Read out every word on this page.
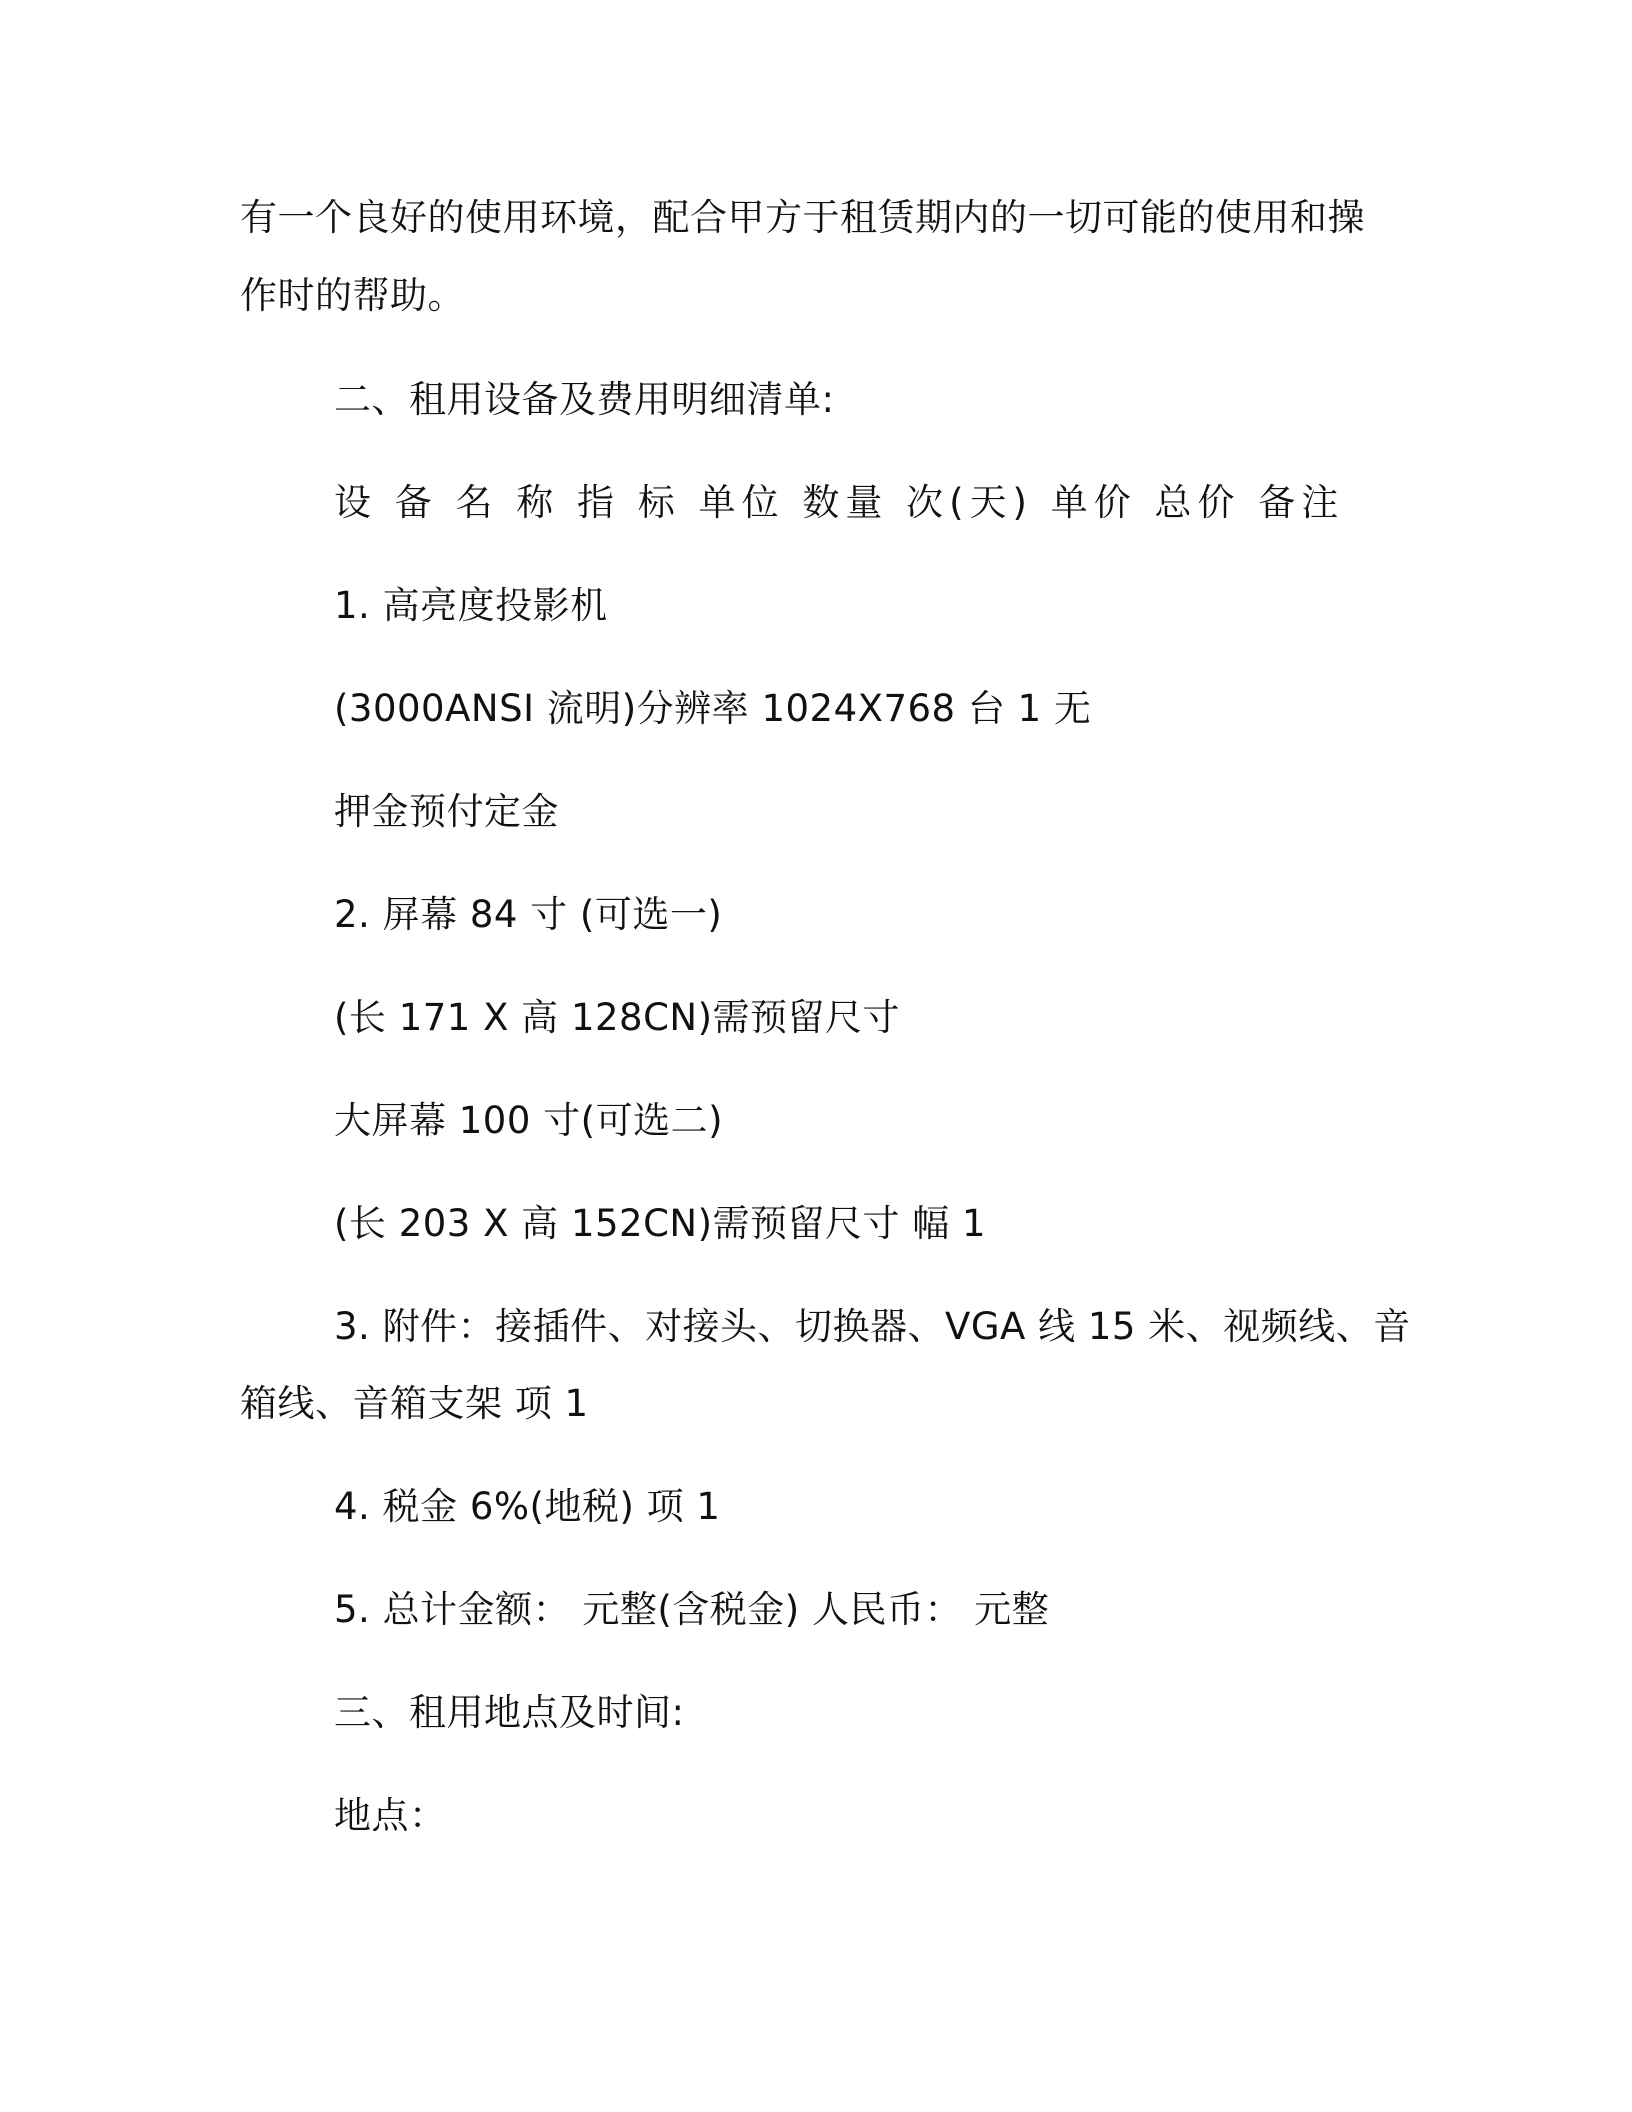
有一个良好的使用环境，配合甲方于租赁期内的一切可能的使用和操
作时的帮助。
二、租用设备及费用明细清单:
设 备 名 称 指 标 单位 数量 次(天) 单价 总价 备注
1. 高亮度投影机
(3000ANSI 流明)分辨率 1024X768 台 1 无
押金预付定金
2. 屏幕 84 寸 (可选一)
(长 171 X 高 128CN)需预留尺寸
大屏幕 100 寸(可选二)
(长 203 X 高 152CN)需预留尺寸 幅 1
3. 附件：接插件、对接头、切换器、VGA 线 15 米、视频线、音
箱线、音箱支架 项 1
4. 税金 6%(地税) 项 1
5. 总计金额： 元整(含税金) 人民币： 元整
三、租用地点及时间:
地点：
